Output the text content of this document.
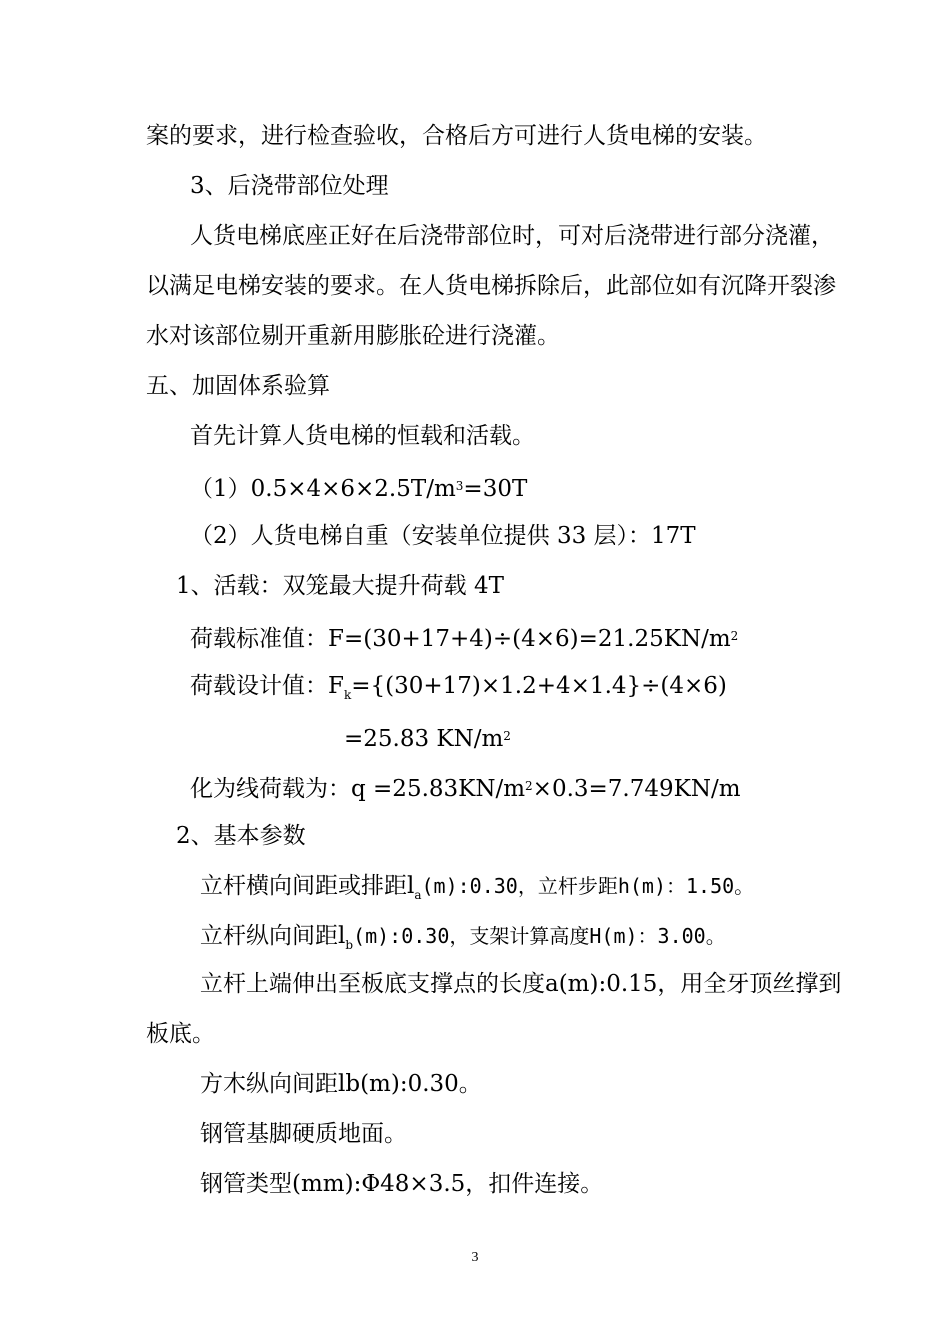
案的要求，进行检查验收，合格后方可进行人货电梯的安装。
3、后浇带部位处理
人货电梯底座正好在后浇带部位时，可对后浇带进行部分浇灌，
以满足电梯安装的要求。在人货电梯拆除后，此部位如有沉降开裂渗
水对该部位剔开重新用膨胀砼进行浇灌。
五、加固体系验算
首先计算人货电梯的恒载和活载。
$(1)0.5\times 4\times 6\times 2.5T/m^3=30T$
（2）人货电梯自重（安装单位提供 33 层）：17T
1、活载：双笼最大提升荷载 4T
荷载标准值：$F=(30+17+4)\div(4\times 6)=21.25KN/m^2$
荷载设计值：$F_k=\{(30+17)\times 1.2+4\times 1.4\}\div(4\times 6)$
=25.83 $KN/m^2$
化为线荷载为：$q =25.83KN/m^2\times 0.3=7.749KN/m$
2、基本参数
立杆横向间距或排距$l_a(m):0.30$，立杆步距h(m)：1.50。
立杆纵向间距$l_b(m):0.30$，支架计算高度H(m)：3.00。
立杆上端伸出至板底支撑点的长度a(m):0.15，用全牙顶丝撑到
板底。
方木纵向间距lb(m):0.30。
钢管基脚硬质地面。
钢管类型(mm):Φ48×3.5，扣件连接。
3
